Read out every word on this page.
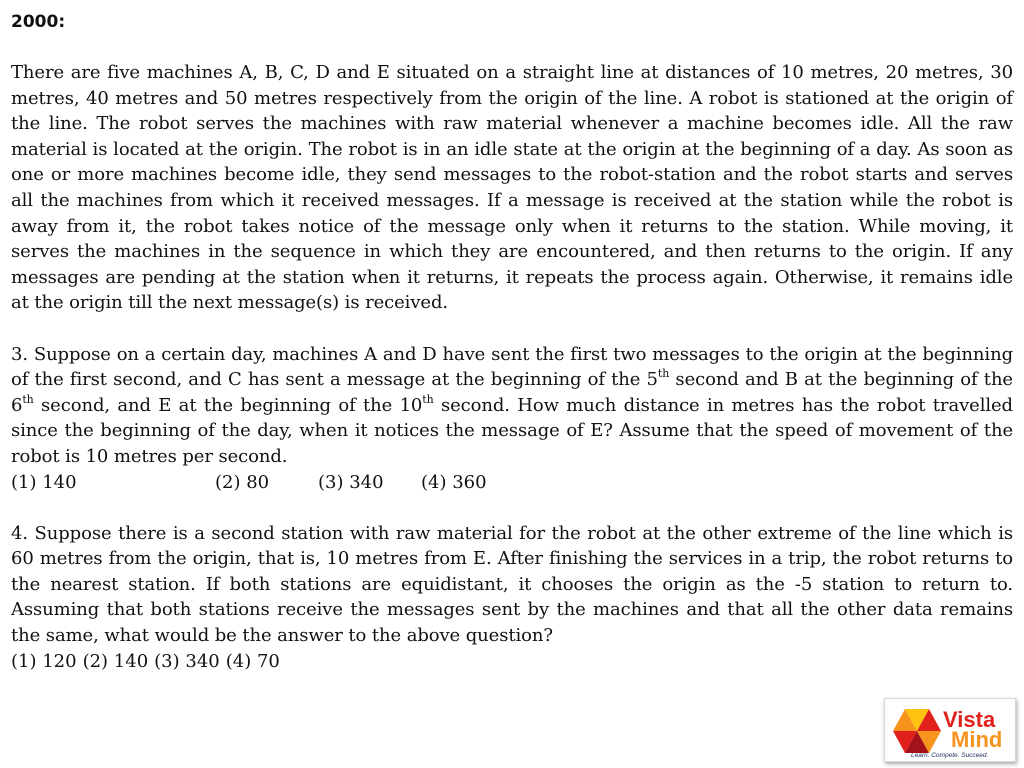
2000:

There are five machines A, B, C, D and E situated on a straight line at distances of 10 metres, 20 metres, 30 metres, 40 metres and 50 metres respectively from the origin of the line. A robot is stationed at the origin of the line. The robot serves the machines with raw material whenever a machine becomes idle. All the raw material is located at the origin. The robot is in an idle state at the origin at the beginning of a day. As soon as one or more machines become idle, they send messages to the robot-station and the robot starts and serves all the machines from which it received messages. If a message is received at the station while the robot is away from it, the robot takes notice of the message only when it returns to the station. While moving, it serves the machines in the sequence in which they are encountered, and then returns to the origin. If any messages are pending at the station when it returns, it repeats the process again. Otherwise, it remains idle at the origin till the next message(s) is received.

3. Suppose on a certain day, machines A and D have sent the first two messages to the origin at the beginning of the first second, and C has sent a message at the beginning of the 5th second and B at the beginning of the 6th second, and E at the beginning of the 10th second. How much distance in metres has the robot travelled since the beginning of the day, when it notices the message of E? Assume that the speed of movement of the robot is 10 metres per second.

(1) 140	(2) 80	(3) 340 (4) 360

4. Suppose there is a second station with raw material for the robot at the other extreme of the line which is 60 metres from the origin, that is, 10 metres from E. After finishing the services in a trip, the robot returns to the nearest station. If both stations are equidistant, it chooses the origin as the -5 station to return to. Assuming that both stations receive the messages sent by the machines and that all the other data remains the same, what would be the answer to the above question?

(1) 120 (2) 140 (3) 340 (4) 70
Vista
Mind
Learn. Compete. Succeed.
